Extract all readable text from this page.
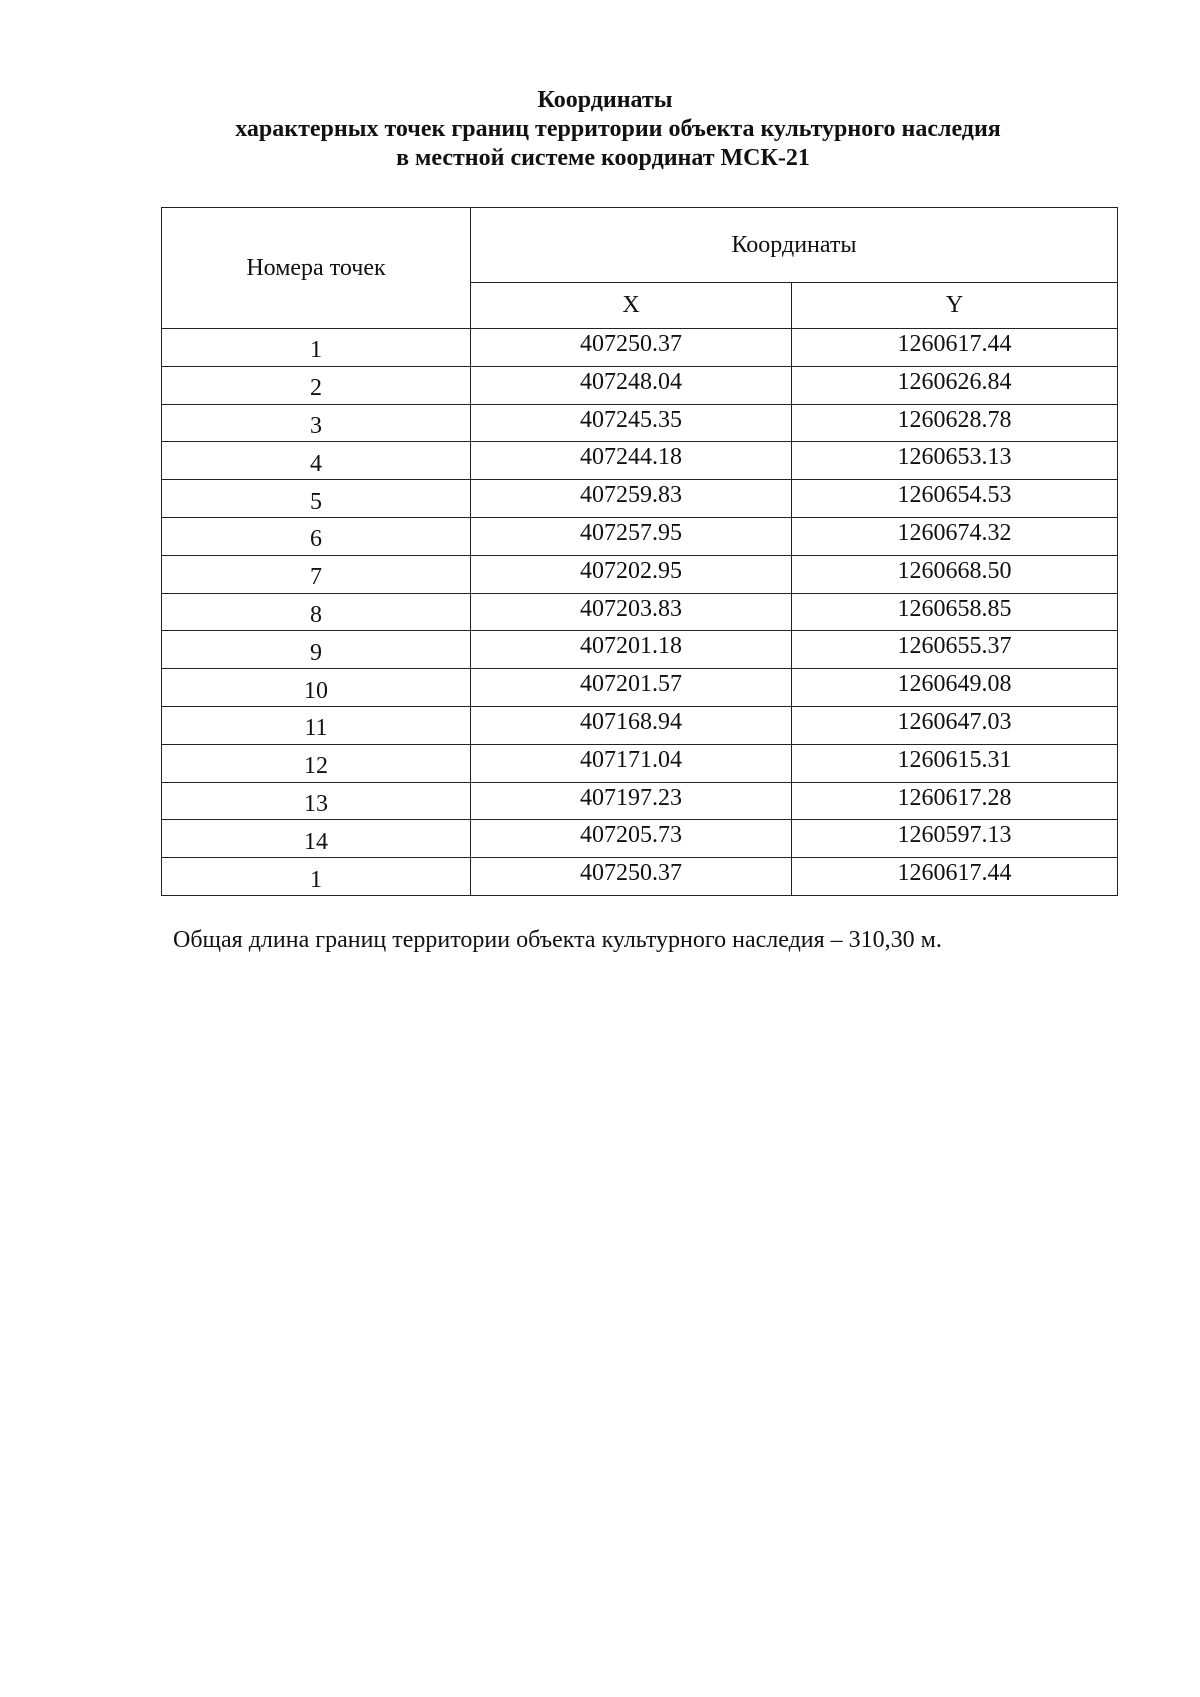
Координаты
характерных точек границ территории объекта культурного наследия
в местной системе координат МСК-21
Номера точек	Координаты	
	X	Y
1	407250.37	1260617.44
2	407248.04	1260626.84
3	407245.35	1260628.78
4	407244.18	1260653.13
5	407259.83	1260654.53
6	407257.95	1260674.32
7	407202.95	1260668.50
8	407203.83	1260658.85
9	407201.18	1260655.37
10	407201.57	1260649.08
11	407168.94	1260647.03
12	407171.04	1260615.31
13	407197.23	1260617.28
14	407205.73	1260597.13
1	407250.37	1260617.44
Общая длина границ территории объекта культурного наследия – 310,30 м.
